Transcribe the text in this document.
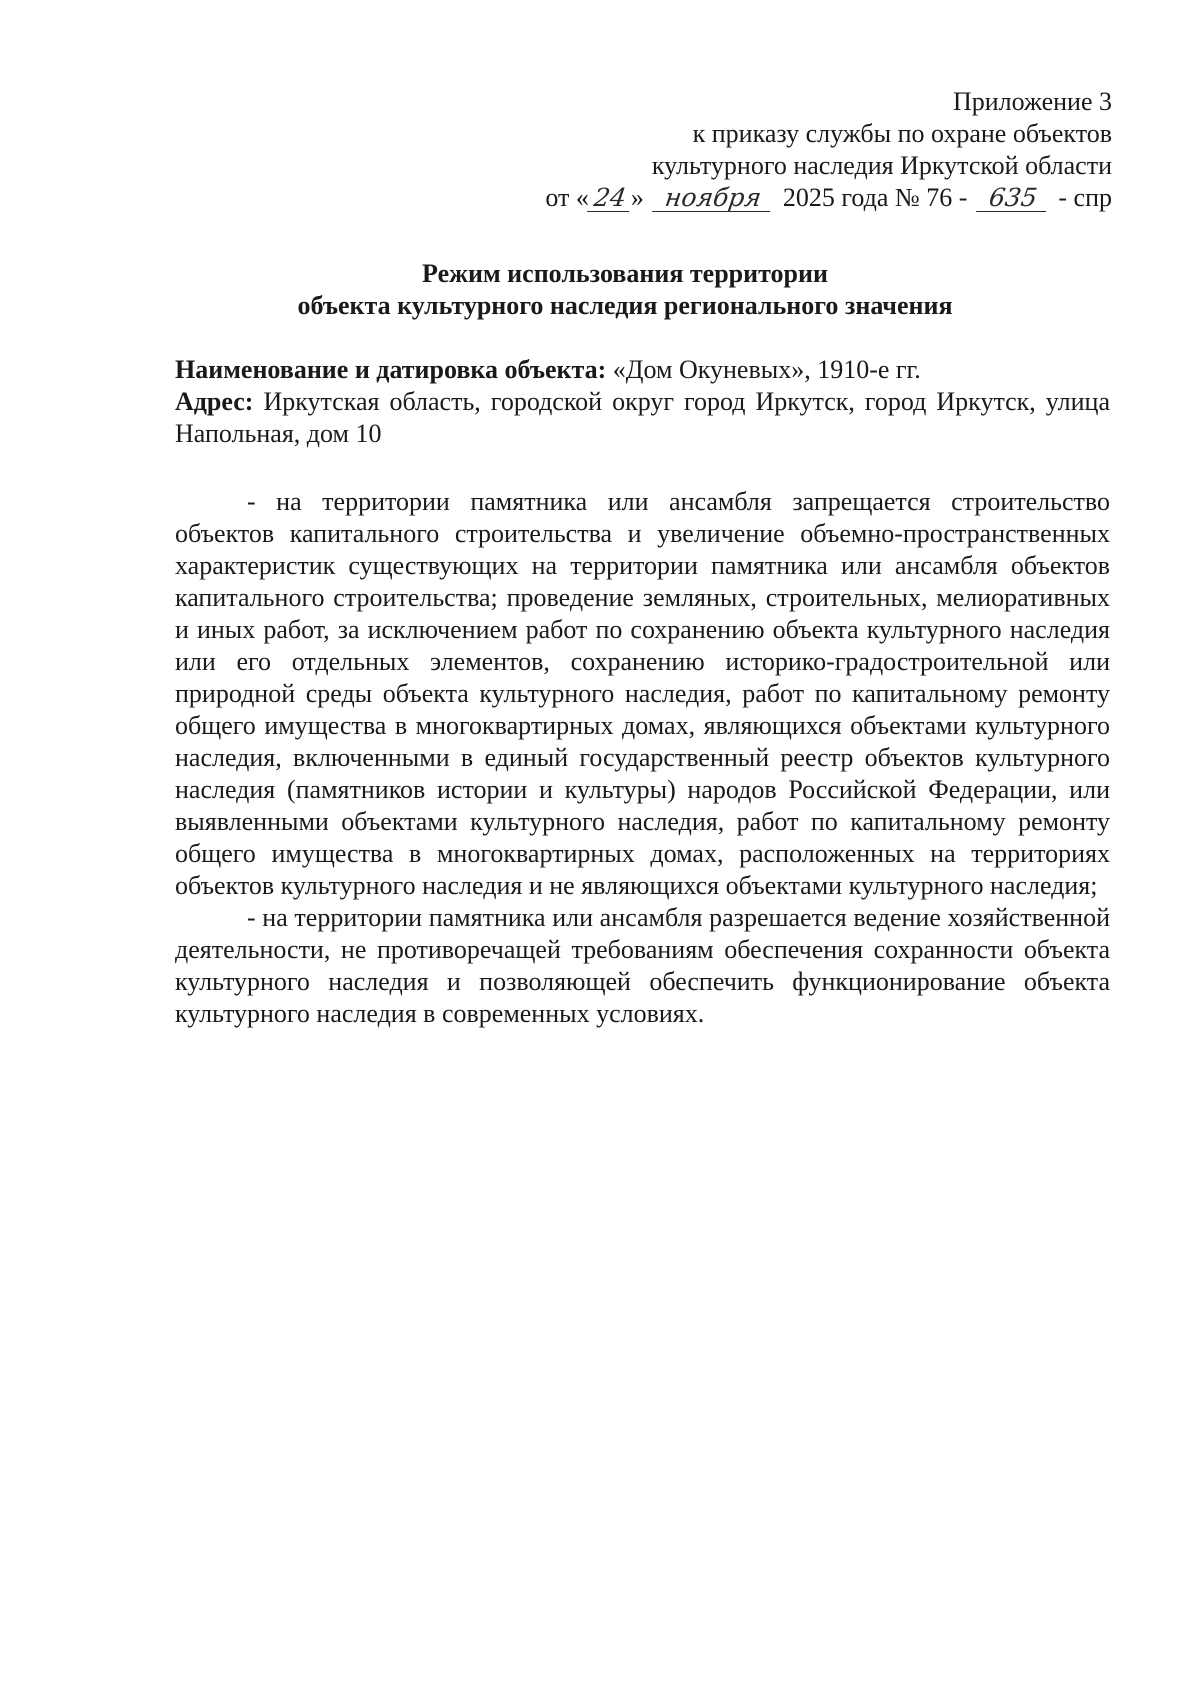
Приложение 3
к приказу службы по охране объектов
культурного наследия Иркутской области
от « 24 » ноября 2025 года № 76 - 635 - спр
Режим использования территории
объекта культурного наследия регионального значения
Наименование и датировка объекта: «Дом Окуневых», 1910-е гг.
Адрес: Иркутская область, городской округ город Иркутск, город Иркутск, улица Напольная, дом 10

- на территории памятника или ансамбля запрещается строительство объектов капитального строительства и увеличение объемно-пространственных характеристик существующих на территории памятника или ансамбля объектов капитального строительства; проведение земляных, строительных, мелиоративных и иных работ, за исключением работ по сохранению объекта культурного наследия или его отдельных элементов, сохранению историко-градостроительной или природной среды объекта культурного наследия, работ по капитальному ремонту общего имущества в многоквартирных домах, являющихся объектами культурного наследия, включенными в единый государственный реестр объектов культурного наследия (памятников истории и культуры) народов Российской Федерации, или выявленными объектами культурного наследия, работ по капитальному ремонту общего имущества в многоквартирных домах, расположенных на территориях объектов культурного наследия и не являющихся объектами культурного наследия;

- на территории памятника или ансамбля разрешается ведение хозяйственной деятельности, не противоречащей требованиям обеспечения сохранности объекта культурного наследия и позволяющей обеспечить функционирование объекта культурного наследия в современных условиях.
